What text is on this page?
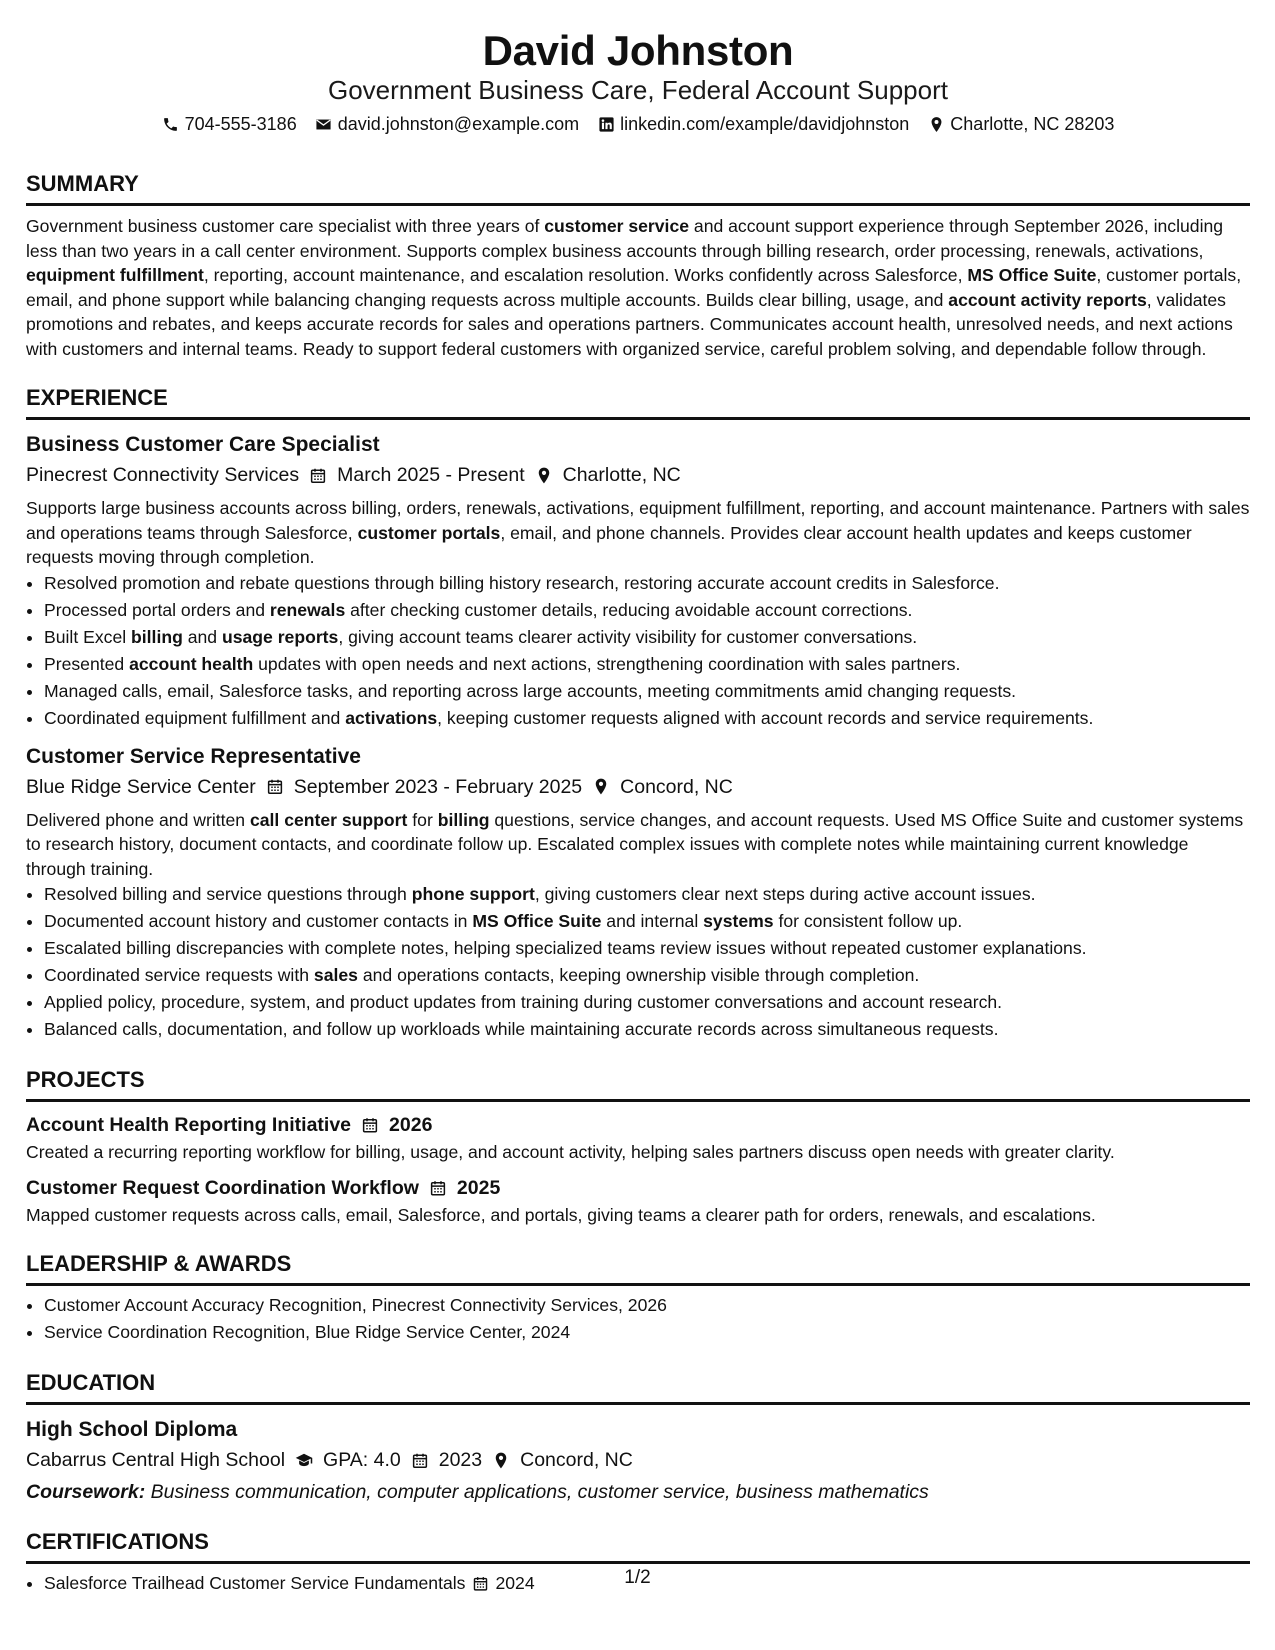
David Johnston
Government Business Care, Federal Account Support
704-555-3186 david.johnston@example.com linkedin.com/example/davidjohnston Charlotte, NC 28203
SUMMARY
Government business customer care specialist with three years of customer service and account support experience through September 2026, including less than two years in a call center environment. Supports complex business accounts through billing research, order processing, renewals, activations, equipment fulfillment, reporting, account maintenance, and escalation resolution. Works confidently across Salesforce, MS Office Suite, customer portals, email, and phone support while balancing changing requests across multiple accounts. Builds clear billing, usage, and account activity reports, validates promotions and rebates, and keeps accurate records for sales and operations partners. Communicates account health, unresolved needs, and next actions with customers and internal teams. Ready to support federal customers with organized service, careful problem solving, and dependable follow through.
EXPERIENCE
Business Customer Care Specialist
Pinecrest Connectivity Services March 2025 - Present Charlotte, NC
Supports large business accounts across billing, orders, renewals, activations, equipment fulfillment, reporting, and account maintenance. Partners with sales and operations teams through Salesforce, customer portals, email, and phone channels. Provides clear account health updates and keeps customer requests moving through completion.
• Resolved promotion and rebate questions through billing history research, restoring accurate account credits in Salesforce.
• Processed portal orders and renewals after checking customer details, reducing avoidable account corrections.
• Built Excel billing and usage reports, giving account teams clearer activity visibility for customer conversations.
• Presented account health updates with open needs and next actions, strengthening coordination with sales partners.
• Managed calls, email, Salesforce tasks, and reporting across large accounts, meeting commitments amid changing requests.
• Coordinated equipment fulfillment and activations, keeping customer requests aligned with account records and service requirements.
Customer Service Representative
Blue Ridge Service Center September 2023 - February 2025 Concord, NC
Delivered phone and written call center support for billing questions, service changes, and account requests. Used MS Office Suite and customer systems to research history, document contacts, and coordinate follow up. Escalated complex issues with complete notes while maintaining current knowledge through training.
• Resolved billing and service questions through phone support, giving customers clear next steps during active account issues.
• Documented account history and customer contacts in MS Office Suite and internal systems for consistent follow up.
• Escalated billing discrepancies with complete notes, helping specialized teams review issues without repeated customer explanations.
• Coordinated service requests with sales and operations contacts, keeping ownership visible through completion.
• Applied policy, procedure, system, and product updates from training during customer conversations and account research.
• Balanced calls, documentation, and follow up workloads while maintaining accurate records across simultaneous requests.
PROJECTS
Account Health Reporting Initiative 2026
Created a recurring reporting workflow for billing, usage, and account activity, helping sales partners discuss open needs with greater clarity.
Customer Request Coordination Workflow 2025
Mapped customer requests across calls, email, Salesforce, and portals, giving teams a clearer path for orders, renewals, and escalations.
LEADERSHIP & AWARDS
• Customer Account Accuracy Recognition, Pinecrest Connectivity Services, 2026
• Service Coordination Recognition, Blue Ridge Service Center, 2024
EDUCATION
High School Diploma
Cabarrus Central High School GPA: 4.0 2023 Concord, NC
Coursework: Business communication, computer applications, customer service, business mathematics
CERTIFICATIONS
• Salesforce Trailhead Customer Service Fundamentals 2024	1/2
